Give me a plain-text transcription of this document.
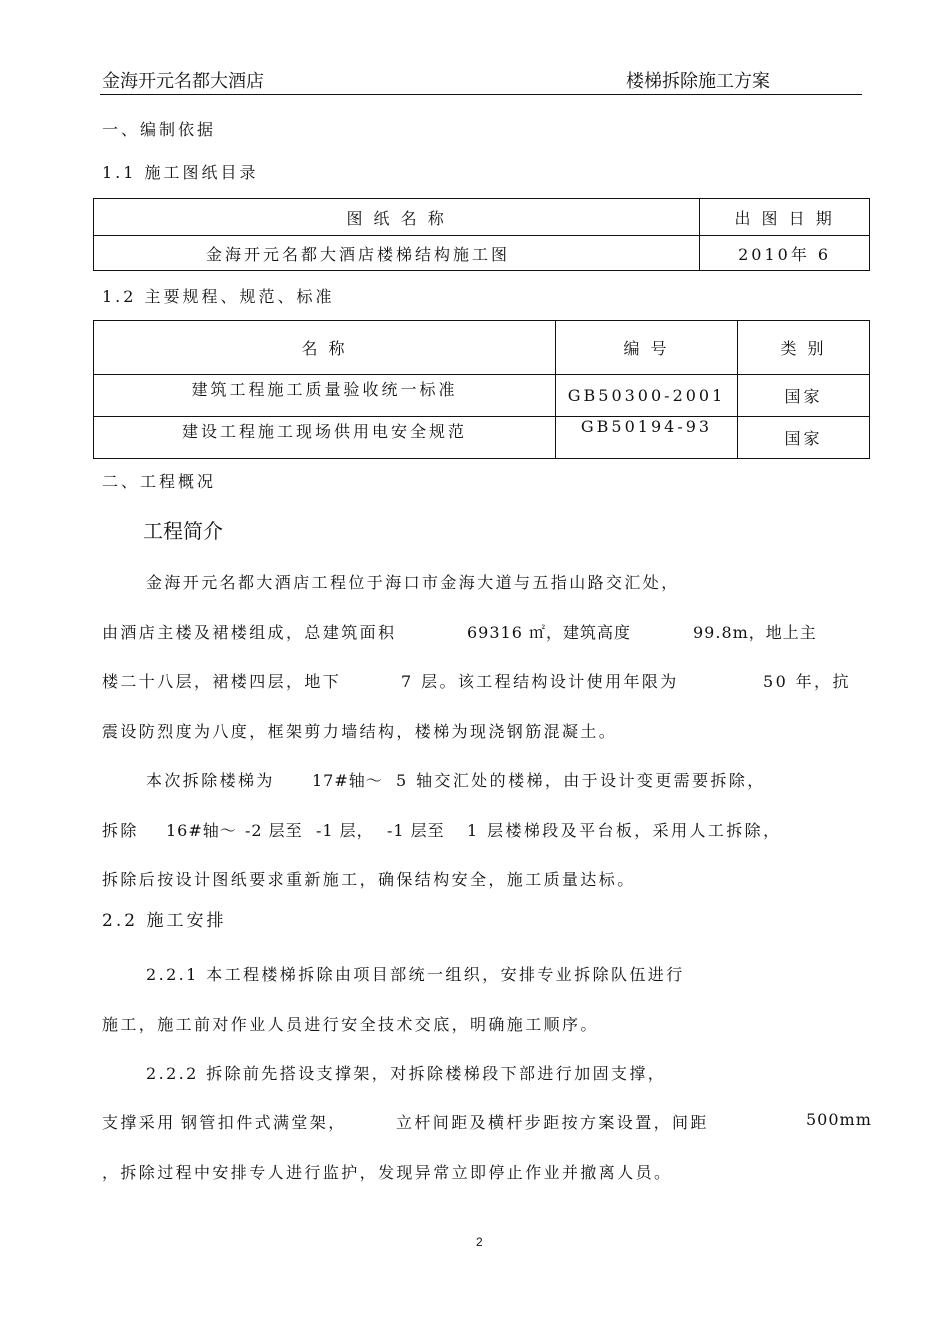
金海开元名都大酒店	楼梯拆除施工方案
一、编制依据
1.1 施工图纸目录
图 纸 名 称	出 图 日 期
金海开元名都大酒店楼梯结构施工图	2010年 6
1.2 主要规程、规范、标准
名 称	编 号	类 别
建筑工程施工质量验收统一标准	GB50300-2001	国家
建设工程施工现场供用电安全规范	GB50194-93	国家
二、工程概况
工程简介
金海开元名都大酒店工程位于海口市金海大道与五指山路交汇处，
由酒店主楼及裙楼组成，总建筑面积	69316 ㎡，建筑高度	99.8m，地上主
楼二十八层，裙楼四层，地下	7 层。该工程结构设计使用年限为	50 年，抗
震设防烈度为八度，框架剪力墙结构，楼梯为现浇钢筋混凝土。
本次拆除楼梯为 17#轴～ 5 轴交汇处的楼梯，由于设计变更需要拆除，
拆除 16#轴～ -2 层至 -1 层， -1 层至 1 层楼梯段及平台板，采用人工拆除，
拆除后按设计图纸要求重新施工，确保结构安全，施工质量达标。
2.2 施工安排
2.2.1 本工程楼梯拆除由项目部统一组织，安排专业拆除队伍进行
施工，施工前对作业人员进行安全技术交底，明确施工顺序。
2.2.2 拆除前先搭设支撑架，对拆除楼梯段下部进行加固支撑，
支撑采用 钢管扣件式满堂架，	立杆间距及横杆步距按方案设置，间距	500mm
，拆除过程中安排专人进行监护，发现异常立即停止作业并撤离人员。
2
